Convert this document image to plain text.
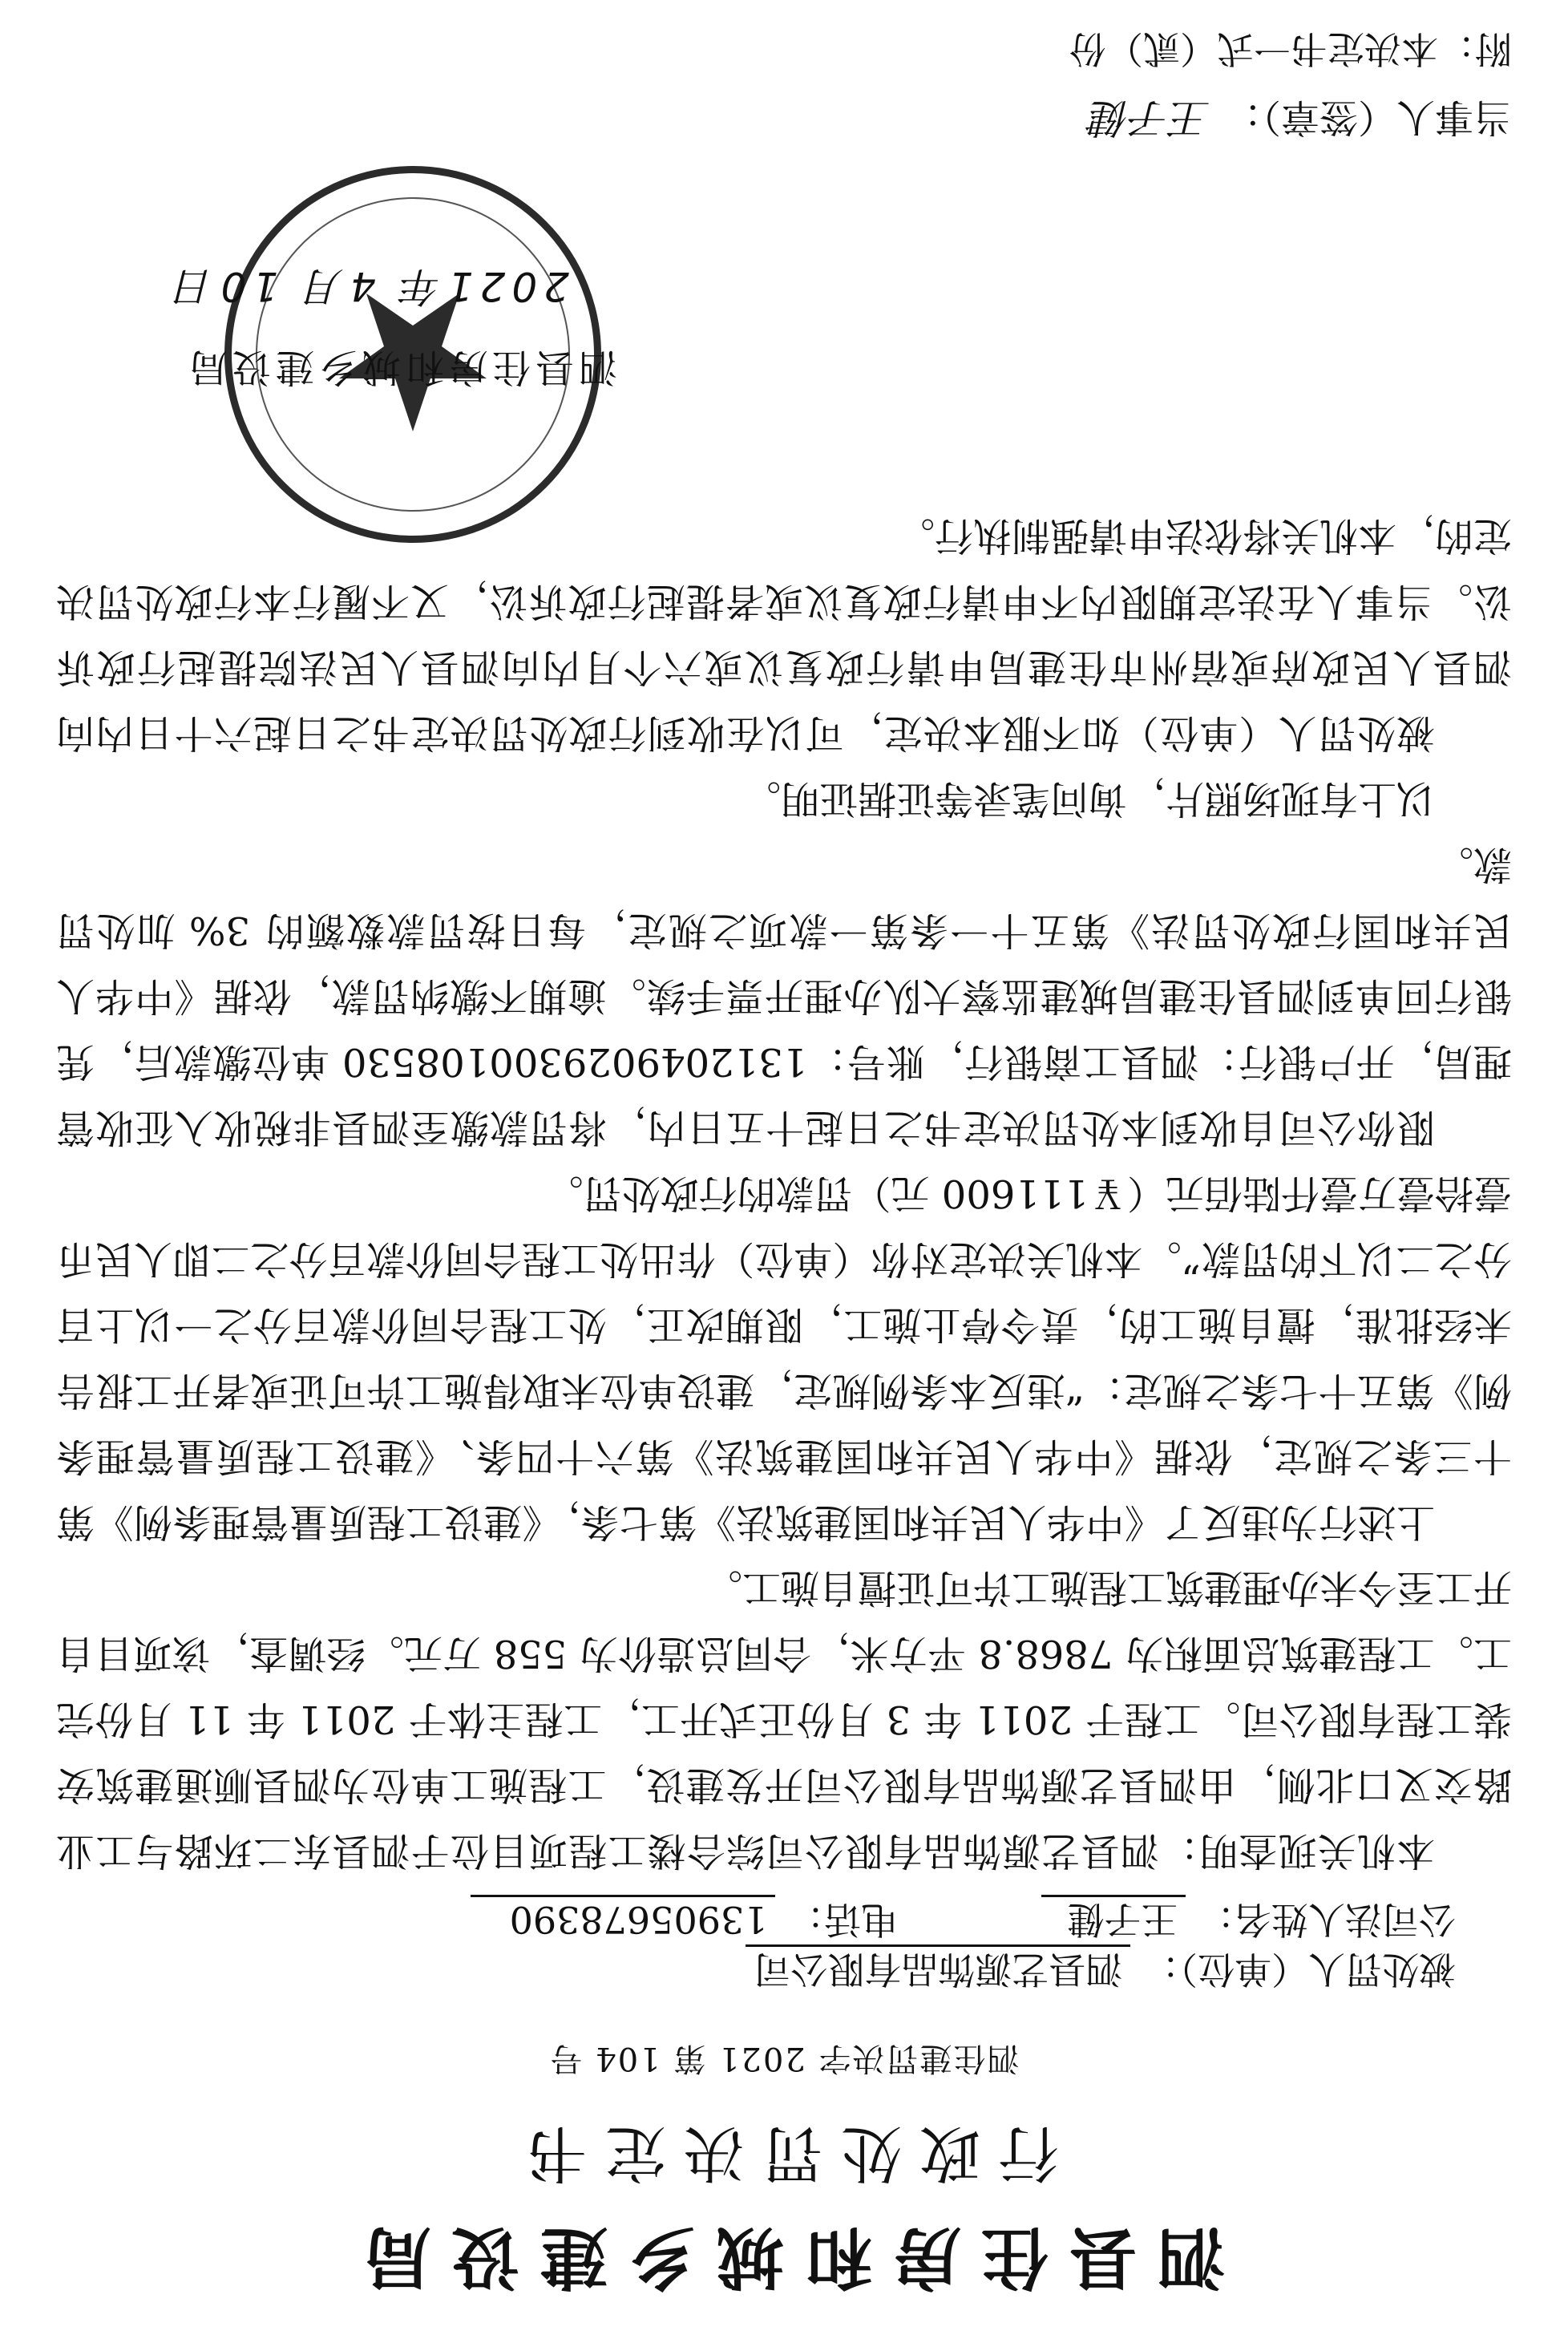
泗县住房和城乡建设局
行政处罚决定书
泗住建罚决字 2021 第 104 号
被处罚人（单位）： 泗县艺源饰品有限公司
公司法人姓名： 王子健  电话： 13905678390

本机关现查明：泗县艺源饰品有限公司综合楼工程项目位于泗县东二环路与工业路交叉口北侧，由泗县艺源饰品有限公司开发建设，工程施工单位为泗县顺通建筑安装工程有限公司。工程于 2011 年 3 月份正式开工，工程主体于 2011 年 11 月份完工。工程建筑总面积为 7868.8 平方米，合同总造价为 558 万元。经调查，该项目自开工至今未办理建筑工程施工许可证擅自施工。

上述行为违反了《中华人民共和国建筑法》第七条，《建设工程质量管理条例》第十三条之规定，依据《中华人民共和国建筑法》第六十四条、《建设工程质量管理条例》第五十七条之规定：“违反本条例规定，建设单位未取得施工许可证或者开工报告未经批准，擅自施工的，责令停止施工，限期改正，处工程合同价款百分之一以上百分之二以下的罚款”。本机关决定对你（单位）作出处工程合同价款百分之二即人民币壹拾壹万壹仟陆佰元（￥111600 元）罚款的行政处罚。

限你公司自收到本处罚决定书之日起十五日内，将罚款缴至泗县非税收入征收管理局，开户银行：泗县工商银行，账号：1312049029300108530 单位缴款后，凭银行回单到泗县住建局城建监察大队办理开票手续。逾期不缴纳罚款，依据《中华人民共和国行政处罚法》第五十一条第一款项之规定，每日按罚款数额的 3% 加处罚款。

以上有现场照片，询问笔录等证据证明。

被处罚人（单位）如不服本决定，可以在收到行政处罚决定书之日起六十日内向泗县人民政府或宿州市住建局申请行政复议或六个月内向泗县人民法院提起行政诉讼。当事人在法定期限内不申请行政复议或者提起行政诉讼，又不履行本行政处罚决定的，本机关将依法申请强制执行。

泗县住房和城乡建设局
2021年 4月 10日
当事人（签章）：王子健
附：本决定书一式（贰）份
